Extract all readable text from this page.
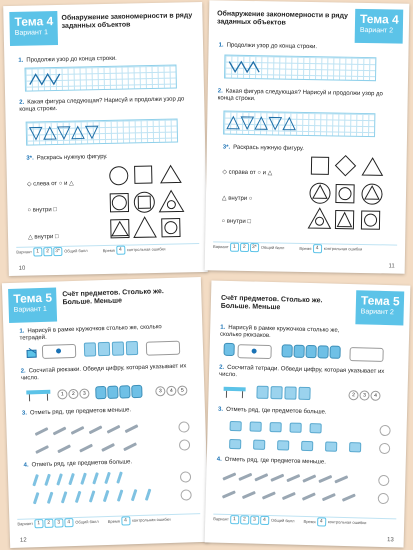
Тема 4
Вариант 1
Обнаружение закономерности в ряду заданных объектов
1. Продолжи узор до конца строки.
2. Какая фигура следующая? Нарисуй и продолжи узор до конца строки.
3*. Раскрась нужную фигуру.
◇ слева от ○ и △
○ внутри □
△ внутри □
Вариант 1 2 3* Общий балл	Время 4 контрольная ошибки
10
Тема 4
Вариант 2
Обнаружение закономерности в ряду заданных объектов
1. Продолжи узор до конца строки.
2. Какая фигура следующая? Нарисуй и продолжи узор до конца строки.
3*. Раскрась нужную фигуру.
◇ справа от ○ и △
△ внутри ○
○ внутри □
Вариант 1 2 3* Общий балл	Время 4 контрольная ошибки
11
Тема 5
Вариант 1
Счёт предметов. Столько же. Больше. Меньше
1. Нарисуй в рамке кружочков столько же, сколько тетрадей.
2. Сосчитай рюкзаки. Обведи цифру, которая указывает их число.
1 2 3	3 4 5
3. Отметь ряд, где предметов меньше.
4. Отметь ряд, где предметов больше.
Вариант 1 2 3 4 Общий балл Время 4 контрольная ошибки
12
Тема 5
Вариант 2
Счёт предметов. Столько же. Больше. Меньше
1. Нарисуй в рамке кружочков столько же, сколько рюкзаков.
2. Сосчитай тетради. Обведи цифру, которая указывает их число.
2 3 4
3. Отметь ряд, где предметов больше.
4. Отметь ряд, где предметов меньше.
Вариант 1 2 3 4 Общий балл Время 4 контрольная ошибки
13
